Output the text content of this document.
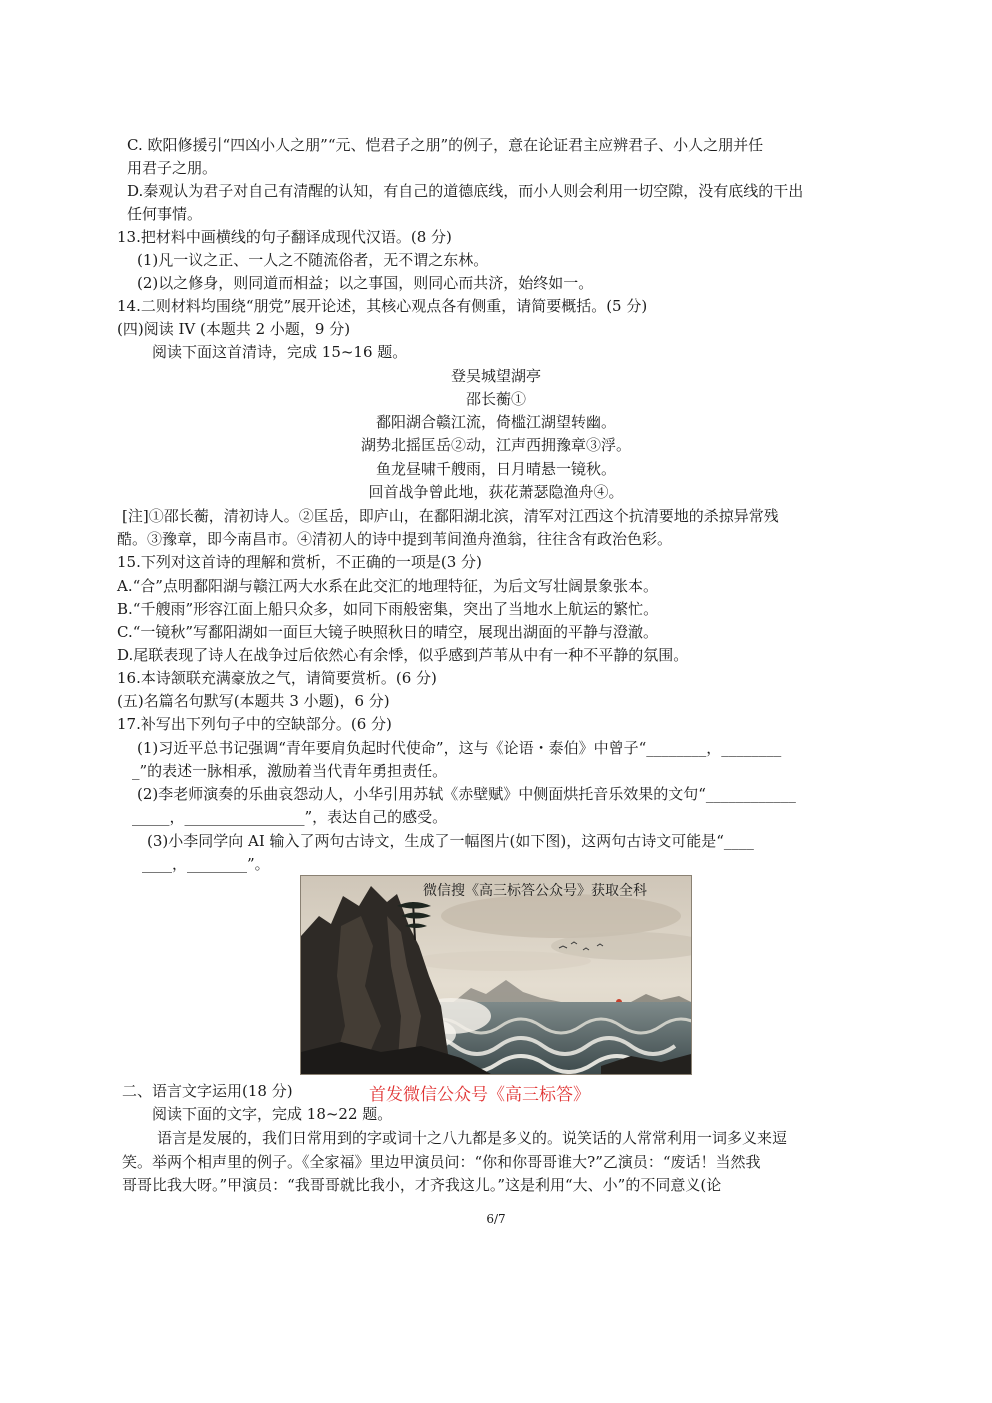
C. 欧阳修援引“四凶小人之朋”“元、恺君子之朋”的例子，意在论证君主应辨君子、小人之朋并任
用君子之朋。
D.秦观认为君子对自己有清醒的认知，有自己的道德底线，而小人则会利用一切空隙，没有底线的干出
任何事情。
13.把材料中画横线的句子翻译成现代汉语。(8 分)
(1)凡一议之正、一人之不随流俗者，无不谓之东林。
(2)以之修身，则同道而相益；以之事国，则同心而共济，始终如一。
14.二则材料均围绕“朋党”展开论述，其核心观点各有侧重，请简要概括。(5 分)
(四)阅读 IV (本题共 2 小题，9 分)
阅读下面这首清诗，完成 15~16 题。
登吴城望湖亭
邵长蘅①
鄱阳湖合赣江流，倚槛江湖望转幽。
湖势北摇匡岳②动，江声西拥豫章③浮。
鱼龙昼啸千艘雨，日月晴悬一镜秋。
回首战争曾此地，荻花萧瑟隐渔舟④。
[注]①邵长蘅，清初诗人。②匡岳，即庐山，在鄱阳湖北滨，清军对江西这个抗清要地的杀掠异常残
酷。③豫章，即今南昌市。④清初人的诗中提到苇间渔舟渔翁，往往含有政治色彩。
15.下列对这首诗的理解和赏析，不正确的一项是(3 分)
A.“合”点明鄱阳湖与赣江两大水系在此交汇的地理特征，为后文写壮阔景象张本。
B.“千艘雨”形容江面上船只众多，如同下雨般密集，突出了当地水上航运的繁忙。
C.“一镜秋”写鄱阳湖如一面巨大镜子映照秋日的晴空，展现出湖面的平静与澄澈。
D.尾联表现了诗人在战争过后依然心有余悸，似乎感到芦苇从中有一种不平静的氛围。
16.本诗颔联充满豪放之气，请简要赏析。(6 分)
(五)名篇名句默写(本题共 3 小题)，6 分)
17.补写出下列句子中的空缺部分。(6 分)
(1)习近平总书记强调“青年要肩负起时代使命”，这与《论语・泰伯》中曾子“________，________
_”的表述一脉相承，激励着当代青年勇担责任。
(2)李老师演奏的乐曲哀怨动人，小华引用苏轼《赤壁赋》中侧面烘托音乐效果的文句“____________
_____，________________”，表达自己的感受。
(3)小李同学向 AI 输入了两句古诗文，生成了一幅图片(如下图)，这两句古诗文可能是“____
____，________”。
微信搜《高三标答公众号》获取全科
二、语言文字运用(18 分)	首发微信公众号《高三标答》
阅读下面的文字，完成 18~22 题。
语言是发展的，我们日常用到的字或词十之八九都是多义的。说笑话的人常常利用一词多义来逗
笑。举两个相声里的例子。《全家福》里边甲演员问：“你和你哥哥谁大?”乙演员：“废话！当然我
哥哥比我大呀。”甲演员：“我哥哥就比我小，才齐我这儿。”这是利用“大、小”的不同意义(论
6/7
